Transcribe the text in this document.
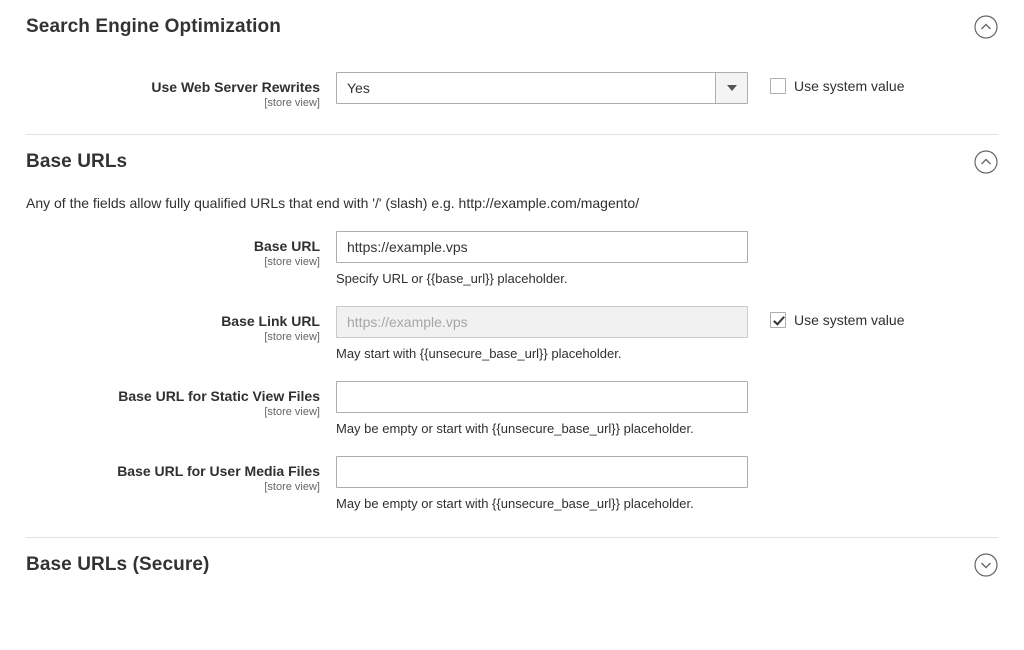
Search Engine Optimization
Use Web Server Rewrites
[store view]
Yes	Use system value
Base URLs
Any of the fields allow fully qualified URLs that end with '/' (slash) e.g. http://example.com/magento/
Base URL
[store view]
https://example.vps
Specify URL or {{base_url}} placeholder.
Base Link URL
[store view]
https://example.vps
Use system value
May start with {{unsecure_base_url}} placeholder.
Base URL for Static View Files
[store view]
May be empty or start with {{unsecure_base_url}} placeholder.
Base URL for User Media Files
[store view]
May be empty or start with {{unsecure_base_url}} placeholder.
Base URLs (Secure)
